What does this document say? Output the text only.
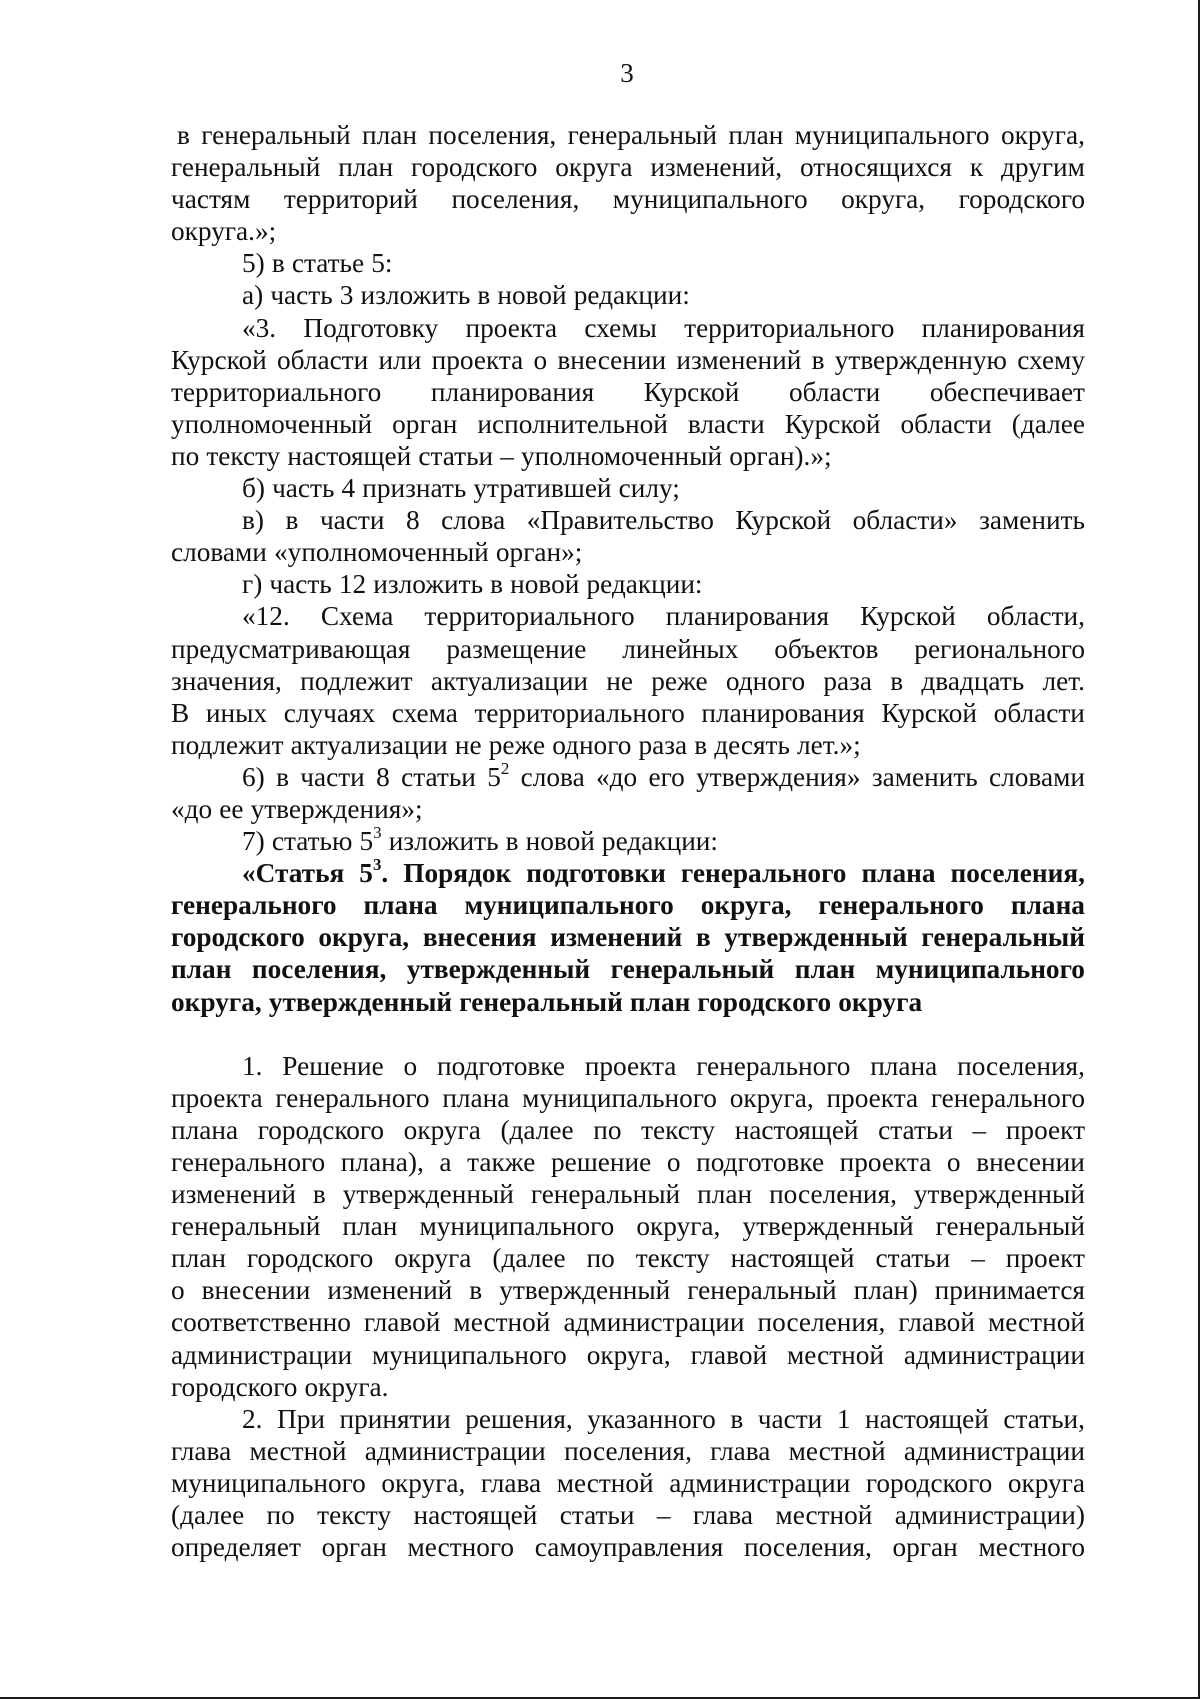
3
в генеральный план поселения, генеральный план муниципального округа,
генеральный план городского округа изменений, относящихся к другим
частям территорий поселения, муниципального округа, городского
округа.»;
5) в статье 5:
а) часть 3 изложить в новой редакции:
«3. Подготовку проекта схемы территориального планирования
Курской области или проекта о внесении изменений в утвержденную схему
территориального планирования Курской области обеспечивает
уполномоченный орган исполнительной власти Курской области (далее
по тексту настоящей статьи – уполномоченный орган).»;
б) часть 4 признать утратившей силу;
в) в части 8 слова «Правительство Курской области» заменить
словами «уполномоченный орган»;
г) часть 12 изложить в новой редакции:
«12. Схема территориального планирования Курской области,
предусматривающая размещение линейных объектов регионального
значения, подлежит актуализации не реже одного раза в двадцать лет.
В иных случаях схема территориального планирования Курской области
подлежит актуализации не реже одного раза в десять лет.»;
6) в части 8 статьи $5^2$ слова «до его утверждения» заменить словами
«до ее утверждения»;
7) статью $5^3$ изложить в новой редакции:
«Статья $5^3$. Порядок подготовки генерального плана поселения,
генерального плана муниципального округа, генерального плана
городского округа, внесения изменений в утвержденный генеральный
план поселения, утвержденный генеральный план муниципального
округа, утвержденный генеральный план городского округа
1. Решение о подготовке проекта генерального плана поселения,
проекта генерального плана муниципального округа, проекта генерального
плана городского округа (далее по тексту настоящей статьи – проект
генерального плана), а также решение о подготовке проекта о внесении
изменений в утвержденный генеральный план поселения, утвержденный
генеральный план муниципального округа, утвержденный генеральный
план городского округа (далее по тексту настоящей статьи – проект
о внесении изменений в утвержденный генеральный план) принимается
соответственно главой местной администрации поселения, главой местной
администрации муниципального округа, главой местной администрации
городского округа.
2. При принятии решения, указанного в части 1 настоящей статьи,
глава местной администрации поселения, глава местной администрации
муниципального округа, глава местной администрации городского округа
(далее по тексту настоящей статьи – глава местной администрации)
определяет орган местного самоуправления поселения, орган местного
